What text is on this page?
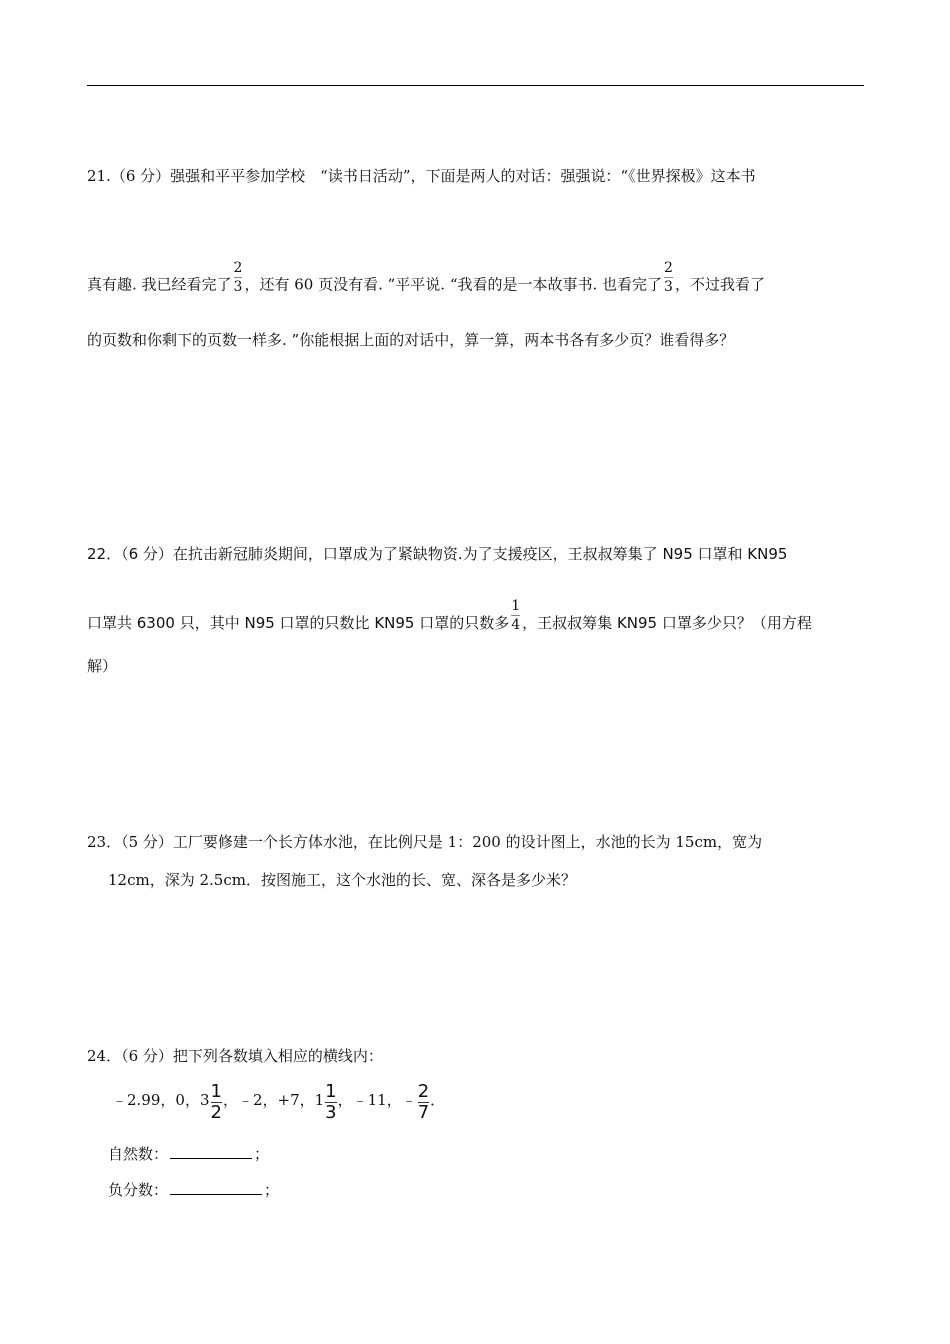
21.（6 分）强强和平平参加学校　“读书日活动”，下面是两人的对话：强强说：“《世界探极》这本书
真有趣. 我已经看完了 $\frac{2}{3}$ ，还有 60 页没有看. ”平平说. “我看的是一本故事书. 也看完了 $\frac{2}{3}$ ，不过我看了
的页数和你剩下的页数一样多. ”你能根据上面的对话中，算一算，两本书各有多少页？谁看得多？
22．（6 分）在抗击新冠肺炎期间，口罩成为了紧缺物资.为了支援疫区，王叔叔筹集了 N95 口罩和 KN95
口罩共 6300 只，其中 N95 口罩的只数比 KN95 口罩的只数多 $\frac{1}{4}$ ，王叔叔筹集 KN95 口罩多少只？（用方程
解）
23．（5 分）工厂要修建一个长方体水池，在比例尺是 1：200 的设计图上，水池的长为 15cm，宽为
12cm，深为 2.5cm．按图施工，这个水池的长、宽、深各是多少米？
24．（6 分）把下列各数填入相应的横线内：
﹣2.99，0，$3 \frac{1}{2}$ ，﹣2，+7，$1 \frac{1}{3}$ ，﹣11，﹣ $\frac{2}{7}$ ．
自然数：	；
负分数：	；
